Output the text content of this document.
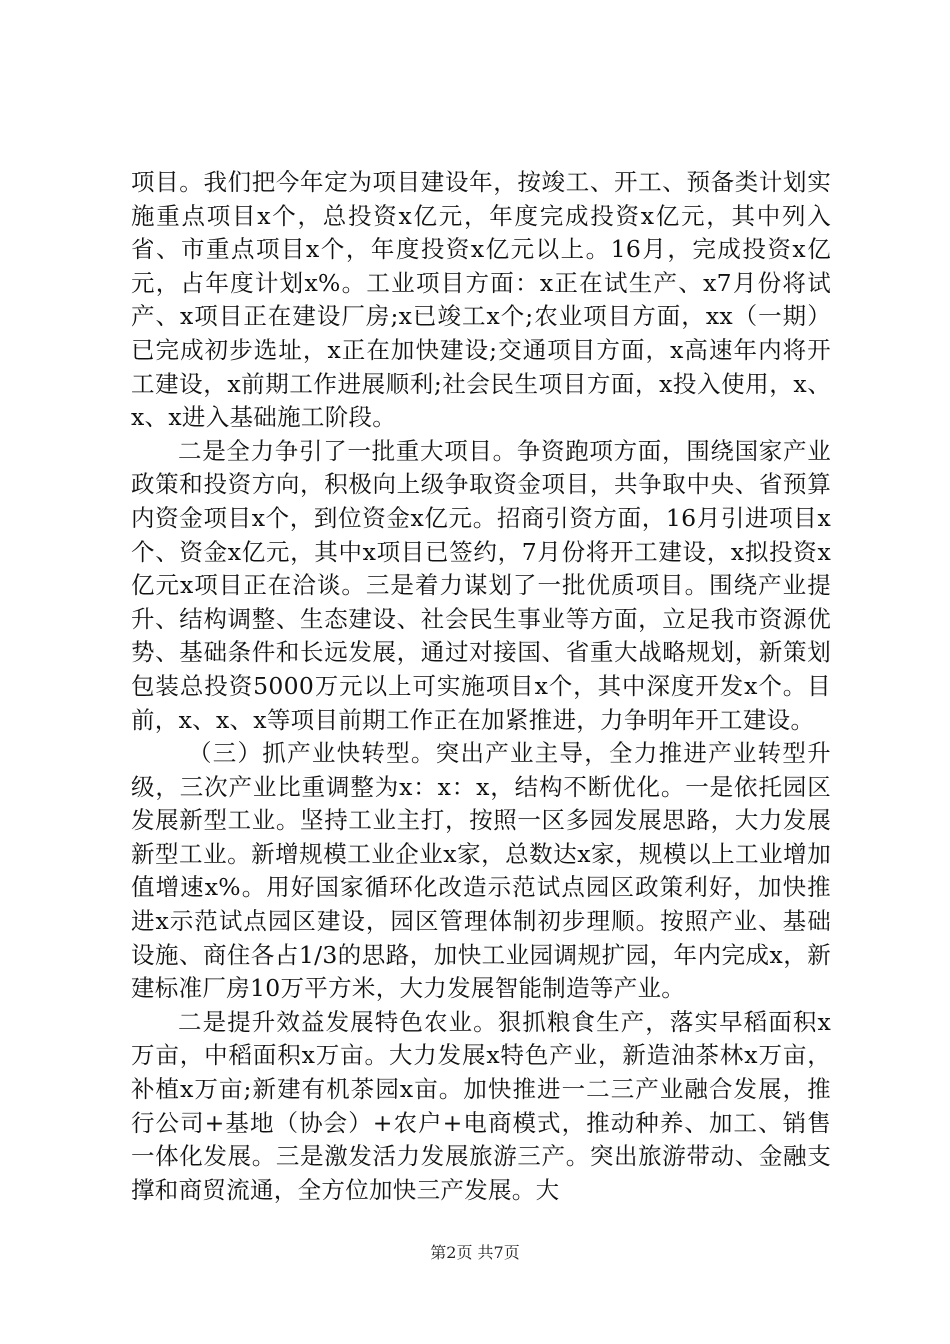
项目。我们把今年定为项目建设年，按竣工、开工、预备类计划实施重点项目x个，总投资x亿元，年度完成投资x亿元，其中列入省、市重点项目x个，年度投资x亿元以上。16月，完成投资x亿元，占年度计划x%。工业项目方面：x正在试生产、x7月份将试产、x项目正在建设厂房;x已竣工x个;农业项目方面，xx（一期）已完成初步选址，x正在加快建设;交通项目方面，x高速年内将开工建设，x前期工作进展顺利;社会民生项目方面，x投入使用，x、x、x进入基础施工阶段。

二是全力争引了一批重大项目。争资跑项方面，围绕国家产业政策和投资方向，积极向上级争取资金项目，共争取中央、省预算内资金项目x个，到位资金x亿元。招商引资方面，16月引进项目x个、资金x亿元，其中x项目已签约，7月份将开工建设，x拟投资x亿元x项目正在洽谈。三是着力谋划了一批优质项目。围绕产业提升、结构调整、生态建设、社会民生事业等方面，立足我市资源优势、基础条件和长远发展，通过对接国、省重大战略规划，新策划包装总投资5000万元以上可实施项目x个，其中深度开发x个。目前，x、x、x等项目前期工作正在加紧推进，力争明年开工建设。

（三）抓产业快转型。突出产业主导，全力推进产业转型升级，三次产业比重调整为x：x：x，结构不断优化。一是依托园区发展新型工业。坚持工业主打，按照一区多园发展思路，大力发展新型工业。新增规模工业企业x家，总数达x家，规模以上工业增加值增速x%。用好国家循环化改造示范试点园区政策利好，加快推进x示范试点园区建设，园区管理体制初步理顺。按照产业、基础设施、商住各占1/3的思路，加快工业园调规扩园，年内完成x，新建标准厂房10万平方米，大力发展智能制造等产业。

二是提升效益发展特色农业。狠抓粮食生产，落实早稻面积x万亩，中稻面积x万亩。大力发展x特色产业，新造油茶林x万亩，补植x万亩;新建有机茶园x亩。加快推进一二三产业融合发展，推行公司+基地（协会）+农户+电商模式，推动种养、加工、销售一体化发展。三是激发活力发展旅游三产。突出旅游带动、金融支撑和商贸流通，全方位加快三产发展。大

第2页 共7页
